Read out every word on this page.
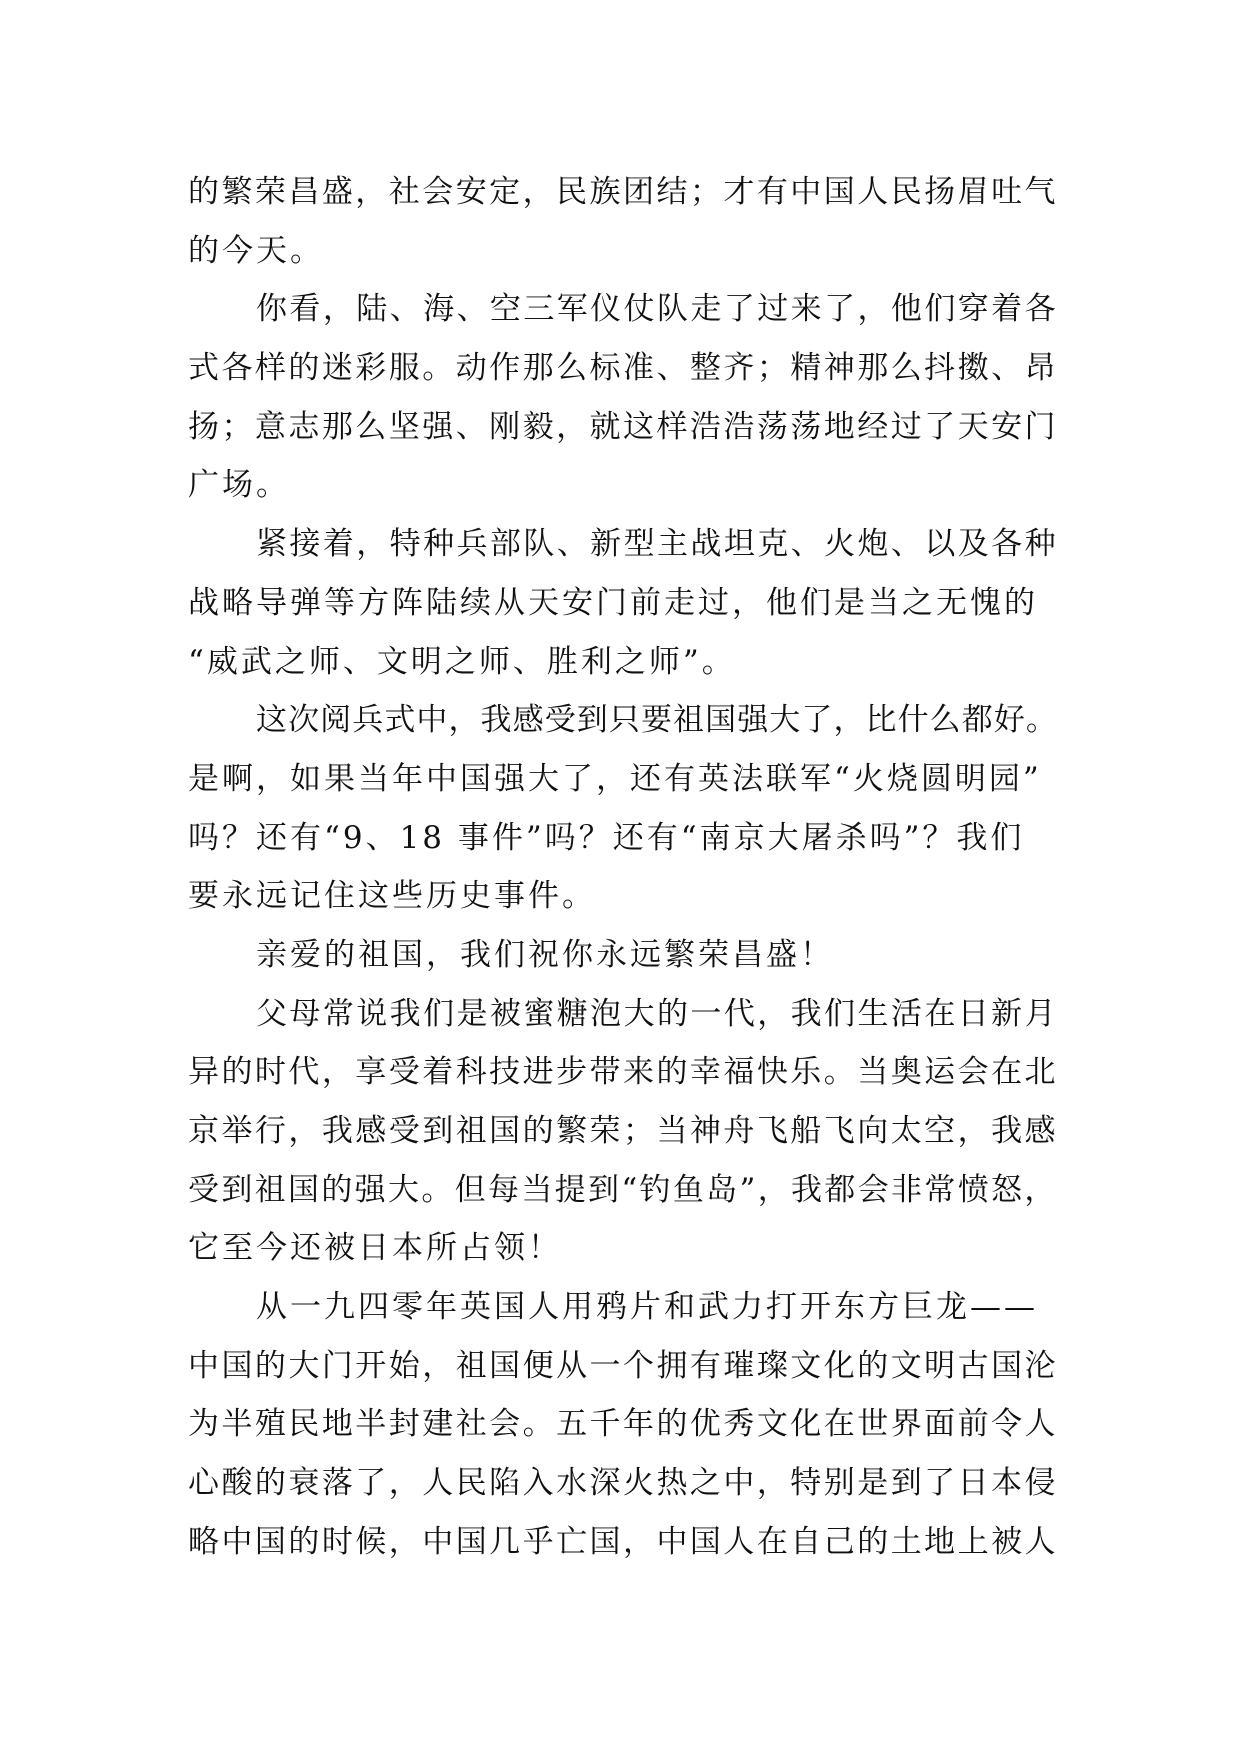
的繁荣昌盛，社会安定，民族团结；才有中国人民扬眉吐气
的今天。
你看，陆、海、空三军仪仗队走了过来了，他们穿着各
式各样的迷彩服。动作那么标准、整齐；精神那么抖擞、昂
扬；意志那么坚强、刚毅，就这样浩浩荡荡地经过了天安门
广场。
紧接着，特种兵部队、新型主战坦克、火炮、以及各种
战略导弹等方阵陆续从天安门前走过，他们是当之无愧的
“威武之师、文明之师、胜利之师”。
这次阅兵式中，我感受到只要祖国强大了，比什么都好。
是啊，如果当年中国强大了，还有英法联军“火烧圆明园”
吗？还有“9、18 事件”吗？还有“南京大屠杀吗”？我们
要永远记住这些历史事件。
亲爱的祖国，我们祝你永远繁荣昌盛！
父母常说我们是被蜜糖泡大的一代，我们生活在日新月
异的时代，享受着科技进步带来的幸福快乐。当奥运会在北
京举行，我感受到祖国的繁荣；当神舟飞船飞向太空，我感
受到祖国的强大。但每当提到“钓鱼岛”，我都会非常愤怒，
它至今还被日本所占领！
从一九四零年英国人用鸦片和武力打开东方巨龙——
中国的大门开始，祖国便从一个拥有璀璨文化的文明古国沦
为半殖民地半封建社会。五千年的优秀文化在世界面前令人
心酸的衰落了，人民陷入水深火热之中，特别是到了日本侵
略中国的时候，中国几乎亡国，中国人在自己的土地上被人
